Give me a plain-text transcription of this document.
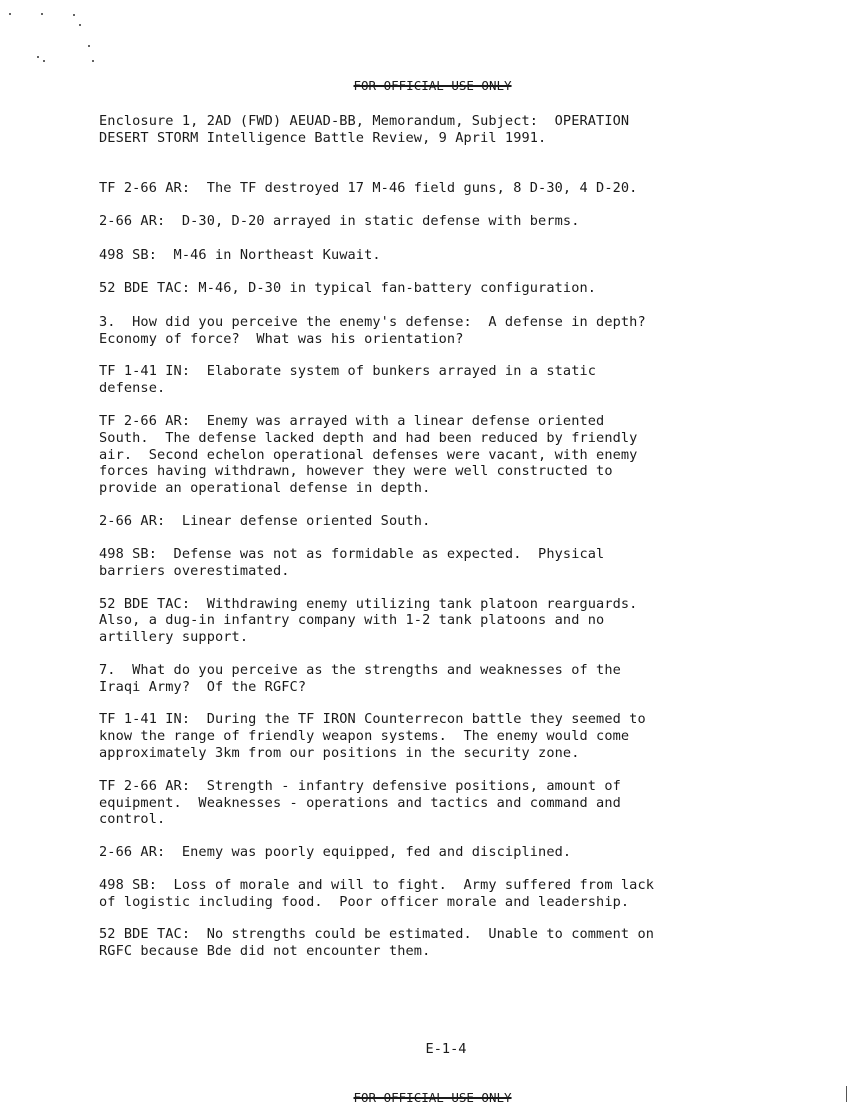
FOR OFFICIAL USE ONLY

Enclosure 1, 2AD (FWD) AEUAD-BB, Memorandum, Subject:  OPERATION
DESERT STORM Intelligence Battle Review, 9 April 1991.
TF 2-66 AR:  The TF destroyed 17 M-46 field guns, 8 D-30, 4 D-20.
2-66 AR:  D-30, D-20 arrayed in static defense with berms.
498 SB:  M-46 in Northeast Kuwait.
52 BDE TAC: M-46, D-30 in typical fan-battery configuration.
3.  How did you perceive the enemy's defense:  A defense in depth?
Economy of force?  What was his orientation?
TF 1-41 IN:  Elaborate system of bunkers arrayed in a static
defense.
TF 2-66 AR:  Enemy was arrayed with a linear defense oriented
South.  The defense lacked depth and had been reduced by friendly
air.  Second echelon operational defenses were vacant, with enemy
forces having withdrawn, however they were well constructed to
provide an operational defense in depth.
2-66 AR:  Linear defense oriented South.
498 SB:  Defense was not as formidable as expected.  Physical
barriers overestimated.
52 BDE TAC:  Withdrawing enemy utilizing tank platoon rearguards.
Also, a dug-in infantry company with 1-2 tank platoons and no
artillery support.
7.  What do you perceive as the strengths and weaknesses of the
Iraqi Army?  Of the RGFC?
TF 1-41 IN:  During the TF IRON Counterrecon battle they seemed to
know the range of friendly weapon systems.  The enemy would come
approximately 3km from our positions in the security zone.
TF 2-66 AR:  Strength - infantry defensive positions, amount of
equipment.  Weaknesses - operations and tactics and command and
control.
2-66 AR:  Enemy was poorly equipped, fed and disciplined.
498 SB:  Loss of morale and will to fight.  Army suffered from lack
of logistic including food.  Poor officer morale and leadership.
52 BDE TAC:  No strengths could be estimated.  Unable to comment on
RGFC because Bde did not encounter them.
E-1-4

FOR OFFICIAL USE ONLY
